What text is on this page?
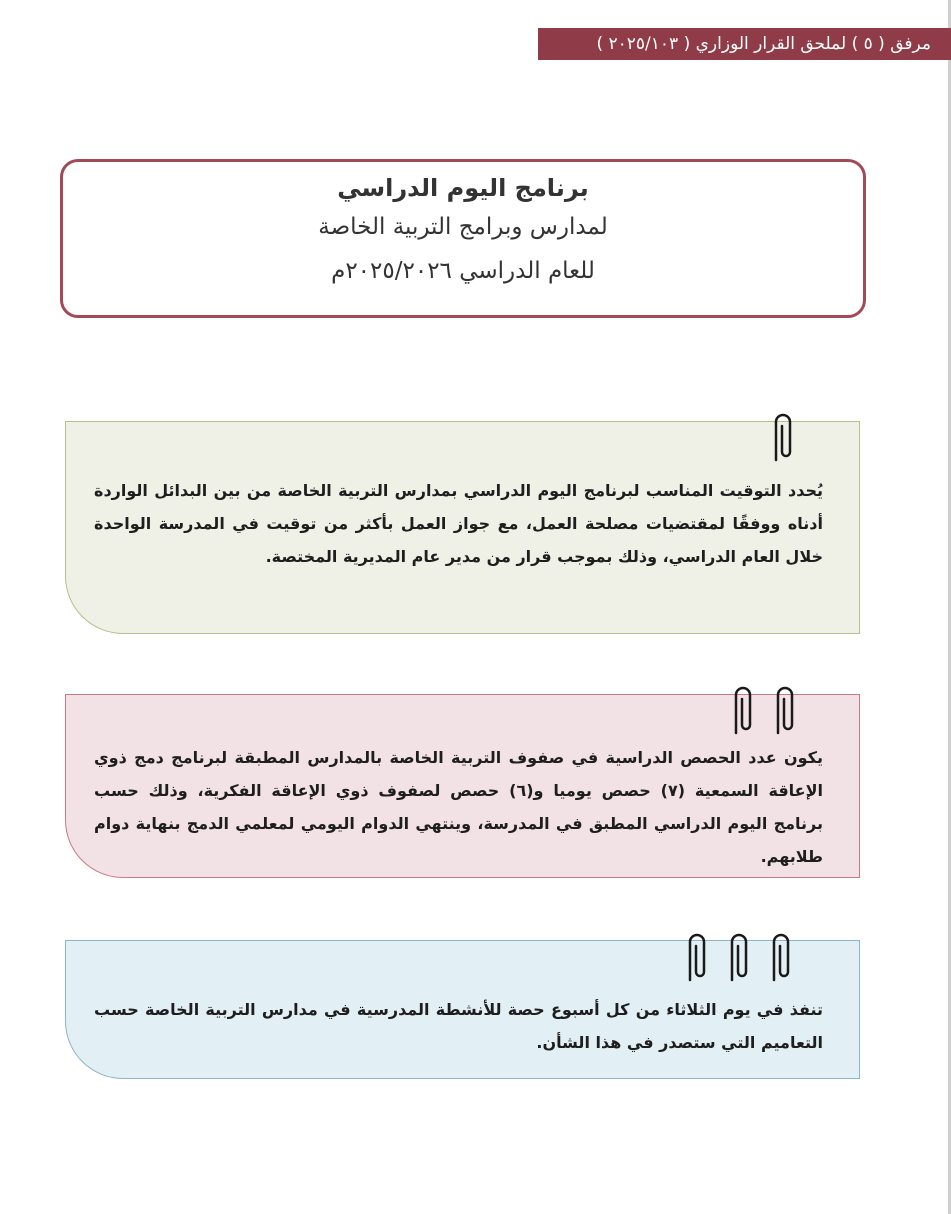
مرفق ( ٥ ) لملحق القرار الوزاري ( ٢٠٢٥/١٠٣ )
برنامج اليوم الدراسي
لمدارس وبرامج التربية الخاصة
للعام الدراسي ٢٠٢٥/٢٠٢٦م
يُحدد التوقيت المناسب لبرنامج اليوم الدراسي بمدارس التربية الخاصة من بين البدائل الواردة أدناه ووفقًا لمقتضيات مصلحة العمل، مع جواز العمل بأكثر من توقيت في المدرسة الواحدة خلال العام الدراسي، وذلك بموجب قرار من مدير عام المديرية المختصة.
يكون عدد الحصص الدراسية في صفوف التربية الخاصة بالمدارس المطبقة لبرنامج دمج ذوي الإعاقة السمعية (٧) حصص يوميا و(٦) حصص لصفوف ذوي الإعاقة الفكرية، وذلك حسب برنامج اليوم الدراسي المطبق في المدرسة، وينتهي الدوام اليومي لمعلمي الدمج بنهاية دوام طلابهم.
تنفذ في يوم الثلاثاء من كل أسبوع حصة للأنشطة المدرسية في مدارس التربية الخاصة حسب التعاميم التي ستصدر في هذا الشأن.
